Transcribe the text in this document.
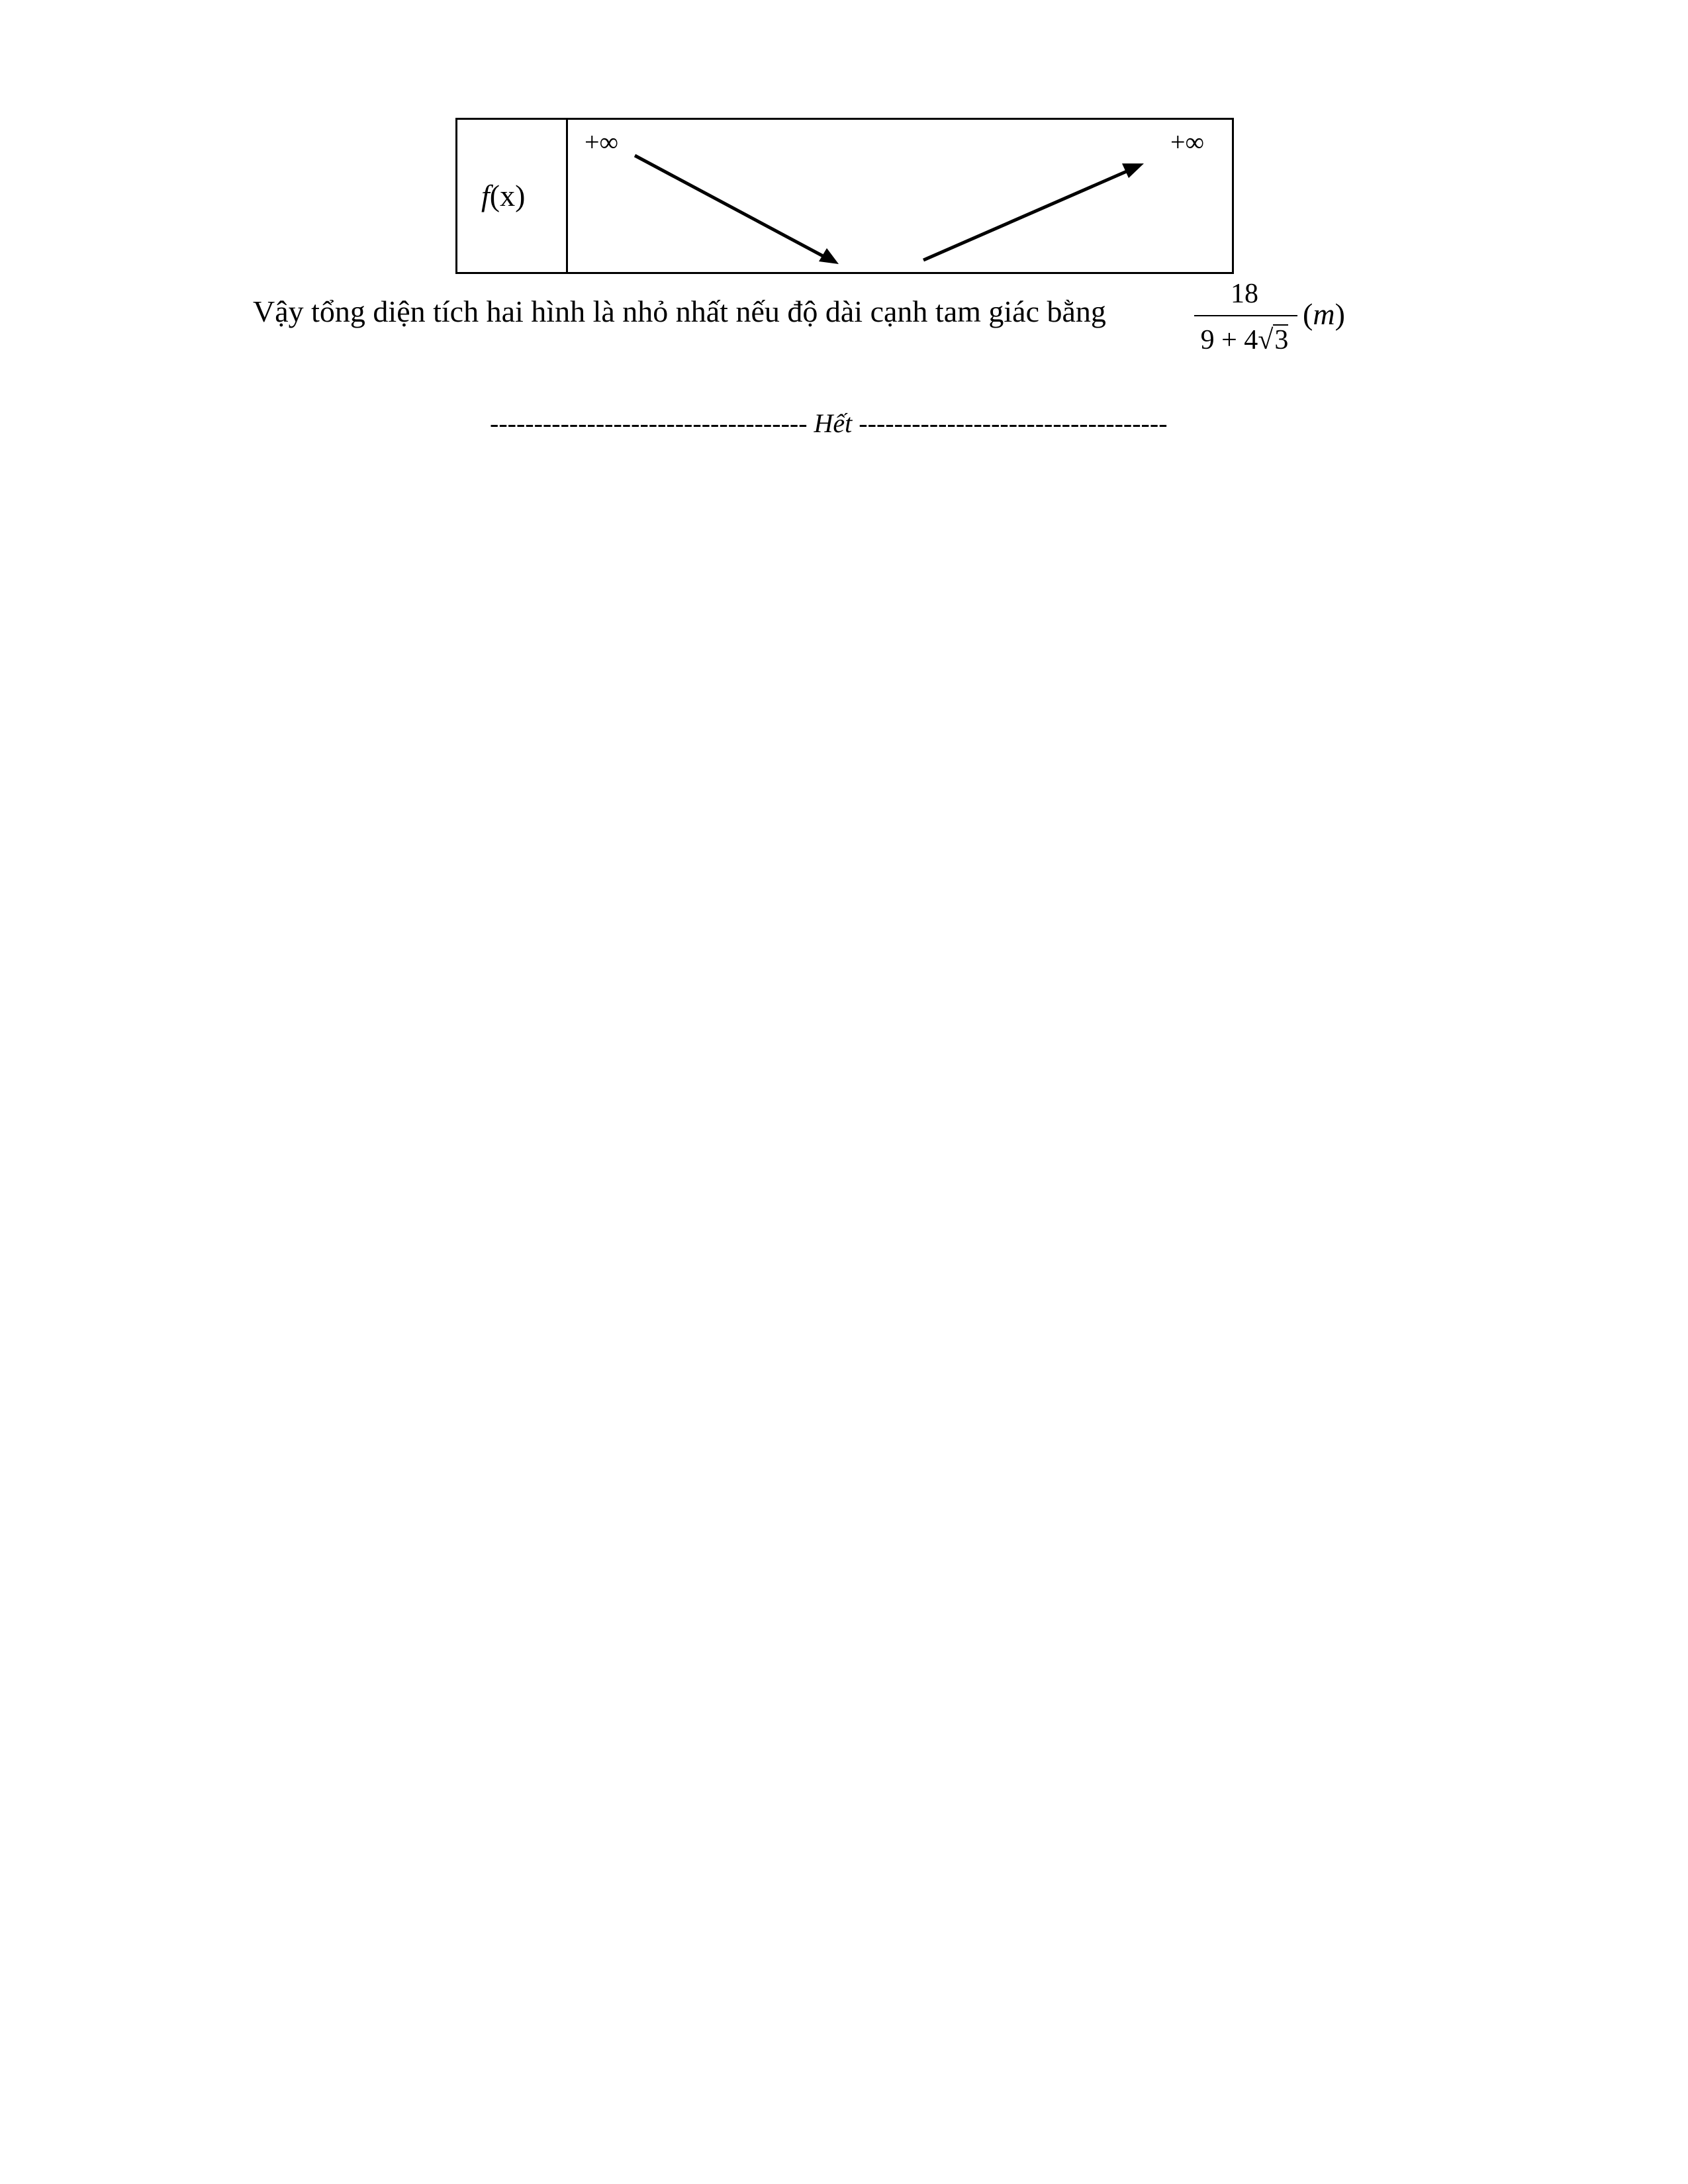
f(x)
+∞	+∞
Vậy tổng diện tích hai hình là nhỏ nhất nếu độ dài cạnh tam giác bằng
18
9 + 4√3
(m)
------------------------------------ Hết -----------------------------------
